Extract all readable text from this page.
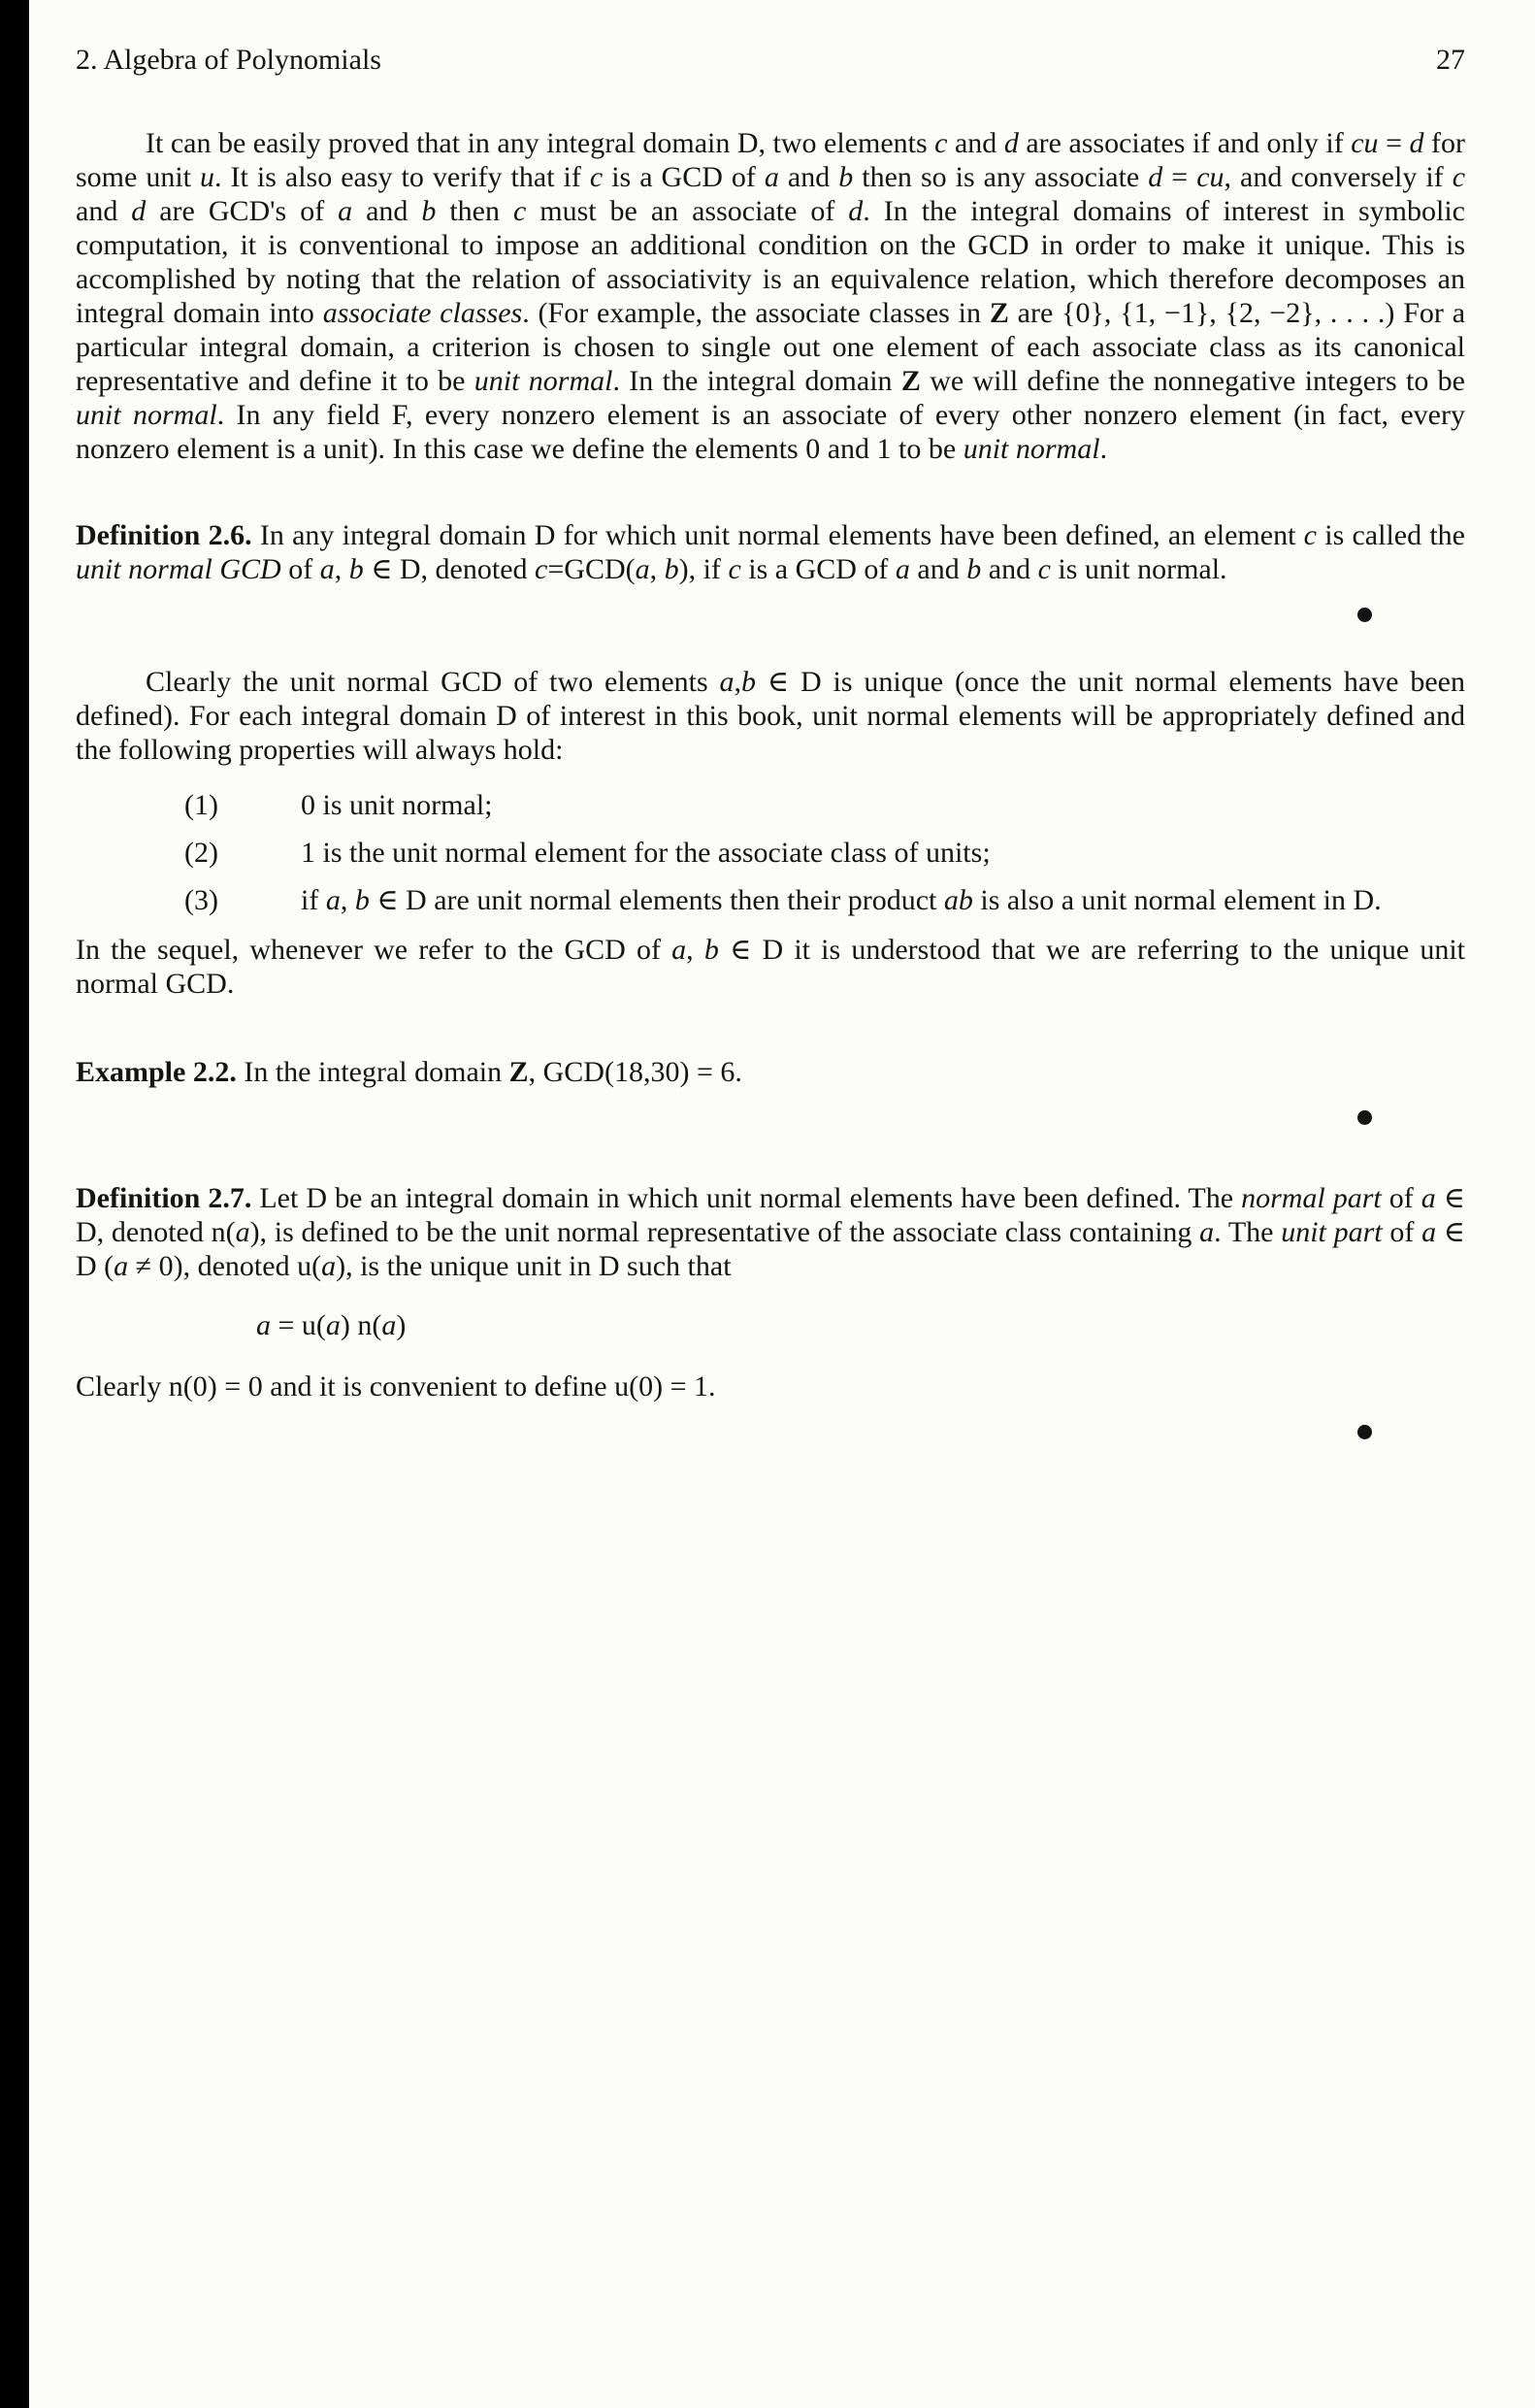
2. Algebra of Polynomials	27

It can be easily proved that in any integral domain D, two elements c and d are associates if and only if cu = d for some unit u. It is also easy to verify that if c is a GCD of a and b then so is any associate d = cu, and conversely if c and d are GCD's of a and b then c must be an associate of d. In the integral domains of interest in symbolic computation, it is conventional to impose an additional condition on the GCD in order to make it unique. This is accomplished by noting that the relation of associativity is an equivalence relation, which therefore decomposes an integral domain into associate classes. (For example, the associate classes in Z are {0}, {1, −1}, {2, −2}, . . . .) For a particular integral domain, a criterion is chosen to single out one element of each associate class as its canonical representative and define it to be unit normal. In the integral domain Z we will define the nonnegative integers to be unit normal. In any field F, every nonzero element is an associate of every other nonzero element (in fact, every nonzero element is a unit). In this case we define the elements 0 and 1 to be unit normal.

Definition 2.6. In any integral domain D for which unit normal elements have been defined, an element c is called the unit normal GCD of a, b ∈ D, denoted c=GCD(a, b), if c is a GCD of a and b and c is unit normal.

Clearly the unit normal GCD of two elements a,b ∈ D is unique (once the unit normal elements have been defined). For each integral domain D of interest in this book, unit normal elements will be appropriately defined and the following properties will always hold:

(1)	0 is unit normal;
(2)	1 is the unit normal element for the associate class of units;
(3)	if a, b ∈ D are unit normal elements then their product ab is also a unit normal element in D.

In the sequel, whenever we refer to the GCD of a, b ∈ D it is understood that we are referring to the unique unit normal GCD.

Example 2.2. In the integral domain Z, GCD(18,30) = 6.

Definition 2.7. Let D be an integral domain in which unit normal elements have been defined. The normal part of a ∈ D, denoted n(a), is defined to be the unit normal representative of the associate class containing a. The unit part of a ∈ D (a ≠ 0), denoted u(a), is the unique unit in D such that

a = u(a) n(a)

Clearly n(0) = 0 and it is convenient to define u(0) = 1.
